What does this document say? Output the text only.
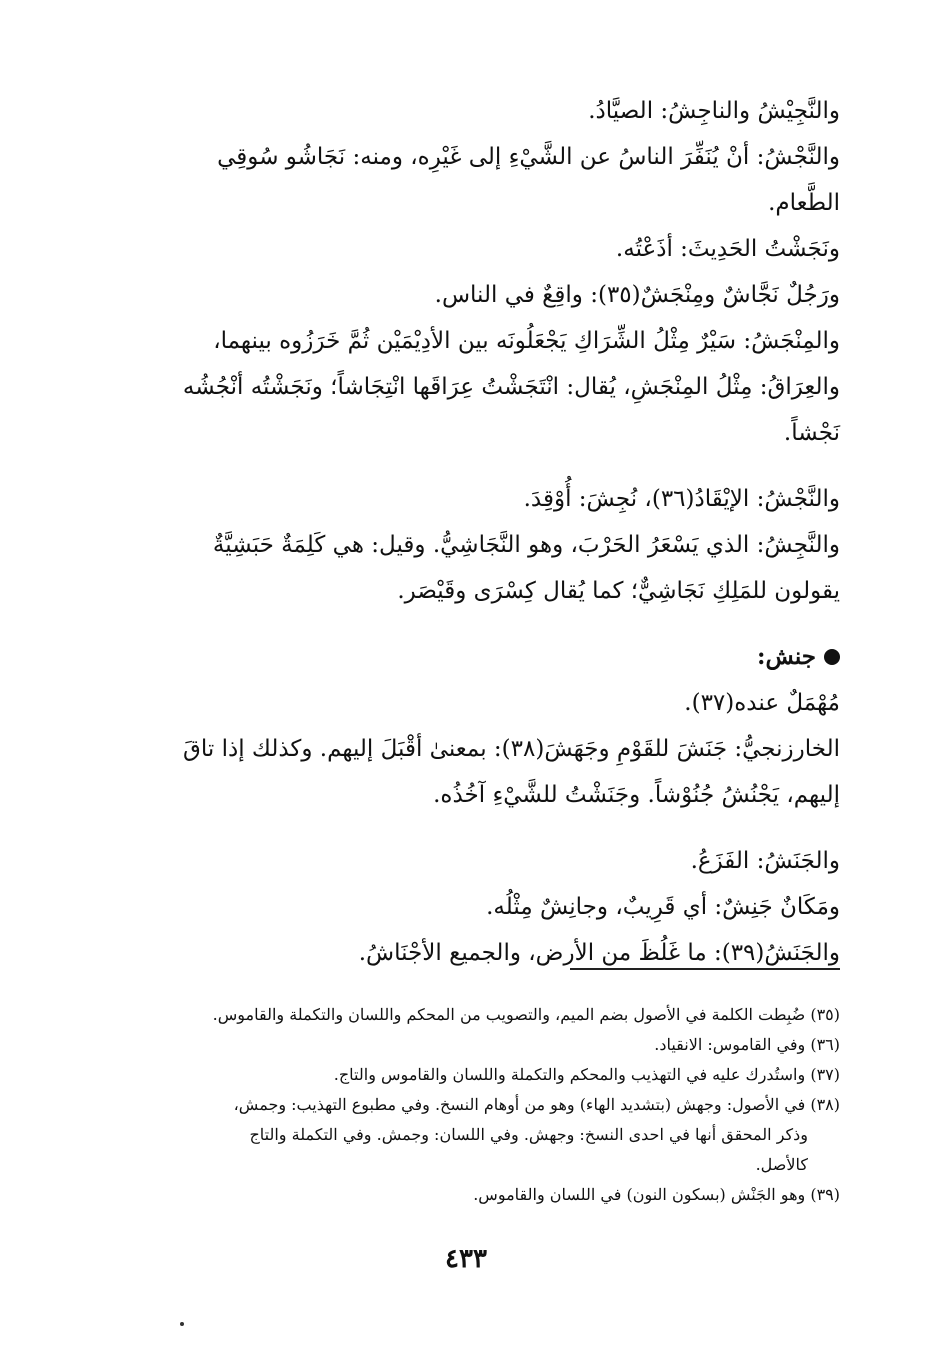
والنَّجِيْشُ والناجِشُ: الصيَّادُ.

والنَّجْشُ: أنْ يُنَفِّرَ الناسُ عن الشَّيْءِ إلى غَيْرِه، ومنه: نَجَاشُو سُوقِي

الطَّعام.

ونَجَشْتُ الحَدِيثَ: أذَعْتُه.

ورَجُلٌ نَجَّاشٌ ومِنْجَشٌ(٣٥): واقِعٌ في الناس.

والمِنْجَشُ: سَيْرٌ مِثْلُ الشِّرَاكِ يَجْعَلُونَه بين الأدِيْمَيْن ثُمَّ خَرَزُوه بينهما،

والعِرَاقُ: مِثْلُ المِنْجَشِ، يُقال: انْتَجَشْتُ عِرَاقَها انْتِجَاشاً؛ ونَجَشْتُه أنْجُشُه

نَجْشاً.

والنَّجْشُ: الإيْقَادُ(٣٦)، نُجِشَ: أُوْقِدَ.

والنَّجِشُ: الذي يَسْعَرُ الحَرْبَ، وهو النَّجَاشِيُّ. وقيل: هي كَلِمَةٌ حَبَشِيَّةٌ

يقولون للمَلِكِ نَجَاشِيٌّ؛ كما يُقال كِسْرَى وقَيْصَر.

جنش:

مُهْمَلٌ عنده(٣٧).

الخارزنجيُّ: جَنَشَ للقَوْمِ وجَهَشَ(٣٨): بمعنىٰ أقْبَلَ إليهم. وكذلك إذا تاقَ

إليهم، يَجْنُشُ جُنُوْشاً. وجَنَشْتُ للشَّيْءِ آخُذُه.

والجَنَشُ: الفَزَعُ.

ومَكَانٌ جَنِشٌ: أي قَرِيبٌ، وجانِشٌ مِثْلُه.

والجَنَشُ(٣٩): ما غَلُظَ من الأرض، والجميع الأجْنَاشُ.

(٣٥) ضُبِطت الكلمة في الأصول بضم الميم، والتصويب من المحكم واللسان والتكملة والقاموس.

(٣٦) وفي القاموس: الانقياد.

(٣٧) واستُدرك عليه في التهذيب والمحكم والتكملة واللسان والقاموس والتاج.

(٣٨) في الأصول: وجهش (بتشديد الهاء) وهو من أوهام النسخ. وفي مطبوع التهذيب: وجمش،
وذكر المحقق أنها في احدى النسخ: وجهش. وفي اللسان: وجمش. وفي التكملة والتاج
كالأصل.

(٣٩) وهو الجَنْش (بسكون النون) في اللسان والقاموس.

٤٣٣
